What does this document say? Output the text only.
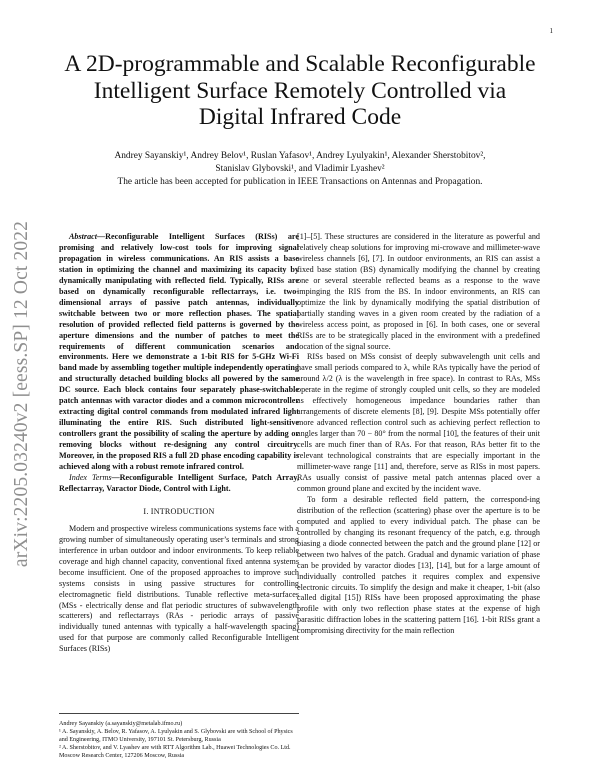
1
arXiv:2205.03240v2 [eess.SP] 12 Oct 2022
A 2D-programmable and Scalable Reconfigurable Intelligent Surface Remotely Controlled via Digital Infrared Code
Andrey Sayanskiy¹, Andrey Belov¹, Ruslan Yafasov¹, Andrey Lyulyakin¹, Alexander Sherstobitov²,
Stanislav Glybovski¹, and Vladimir Lyashev²
The article has been accepted for publication in IEEE Transactions on Antennas and Propagation.

Abstract—Reconfigurable Intelligent Surfaces (RISs) are promising and relatively low-cost tools for improving signal propagation in wireless communications. An RIS assists a base station in optimizing the channel and maximizing its capacity by dynamically manipulating with reflected field. Typically, RISs are based on dynamically reconfigurable reflectarrays, i.e. two-dimensional arrays of passive patch antennas, individually switchable between two or more reflection phases. The spatial resolution of provided reflected field patterns is governed by the aperture dimensions and the number of patches to meet the requirements of different communication scenarios and environments. Here we demonstrate a 1-bit RIS for 5-GHz Wi-Fi band made by assembling together multiple independently operating and structurally detached building blocks all powered by the same DC source. Each block contains four separately phase-switchable patch antennas with varactor diodes and a common microcontroller extracting digital control commands from modulated infrared light illuminating the entire RIS. Such distributed light-sensitive controllers grant the possibility of scaling the aperture by adding or removing blocks without re-designing any control circuitry. Moreover, in the proposed RIS a full 2D phase encoding capability is achieved along with a robust remote infrared control.

Index Terms—Reconfigurable Intelligent Surface, Patch Array, Reflectarray, Varactor Diode, Control with Light.

I. INTRODUCTION

Modern and prospective wireless communications systems face with a growing number of simultaneously operating user’s terminals and strong interference in urban outdoor and indoor environments. To keep reliable coverage and high channel capacity, conventional fixed antenna systems become insufficient. One of the proposed approaches to improve such systems consists in using passive structures for controlling electromagnetic field distributions. Tunable reflective meta-surfaces (MSs - electrically dense and flat periodic structures of subwavelength scatterers) and reflectarrays (RAs - periodic arrays of passive individually tuned antennas with typically a half-wavelength spacing) used for that purpose are commonly called Reconfigurable Intelligent Surfaces (RISs)

Andrey Sayanskiy (a.sayanskiy@metalab.ifmo.ru)
¹ A. Sayanskiy, A. Belov, R. Yafasov, A. Lyulyakin and S. Glybovski are with School of Physics and Engineering, ITMO University, 197101 St. Petersburg, Russia
² A. Sherstobitov, and V. Lyashev are with RTT Algorithm Lab., Huawei Technologies Co. Ltd. Moscow Research Center, 127206 Moscow, Russia

[1]–[5]. These structures are considered in the literature as powerful and relatively cheap solutions for improving mi-crowave and millimeter-wave wireless channels [6], [7]. In outdoor environments, an RIS can assist a fixed base station (BS) dynamically modifying the channel by creating one or several steerable reflected beams as a response to the wave impinging the RIS from the BS. In indoor environments, an RIS can optimize the link by dynamically modifying the spatial distribution of partially standing waves in a given room created by the radiation of a wireless access point, as proposed in [6]. In both cases, one or several RISs are to be strategically placed in the environment with a predefined location of the signal source.

RISs based on MSs consist of deeply subwavelength unit cells and have small periods compared to λ, while RAs typically have the period of around λ/2 (λ is the wavelength in free space). In contrast to RAs, MSs operate in the regime of strongly coupled unit cells, so they are modeled as effectively homogeneous impedance boundaries rather than arrangements of discrete elements [8], [9]. Despite MSs potentially offer more advanced reflection control such as achieving perfect reflection to angles larger than 70 − 80° from the normal [10], the features of their unit cells are much finer than of RAs. For that reason, RAs better fit to the relevant technological constraints that are especially important in the millimeter-wave range [11] and, therefore, serve as RISs in most papers. RAs usually consist of passive metal patch antennas placed over a common ground plane and excited by the incident wave.

To form a desirable reflected field pattern, the correspond-ing distribution of the reflection (scattering) phase over the aperture is to be computed and applied to every individual patch. The phase can be controlled by changing its resonant frequency of the patch, e.g. through biasing a diode connected between the patch and the ground plane [12] or between two halves of the patch. Gradual and dynamic variation of phase can be provided by varactor diodes [13], [14], but for a large amount of individually controlled patches it requires complex and expensive electronic circuits. To simplify the design and make it cheaper, 1-bit (also called digital [15]) RISs have been proposed approximating the phase profile with only two reflection phase states at the expense of high parasitic diffraction lobes in the scattering pattern [16]. 1-bit RISs grant a compromising directivity for the main reflection
